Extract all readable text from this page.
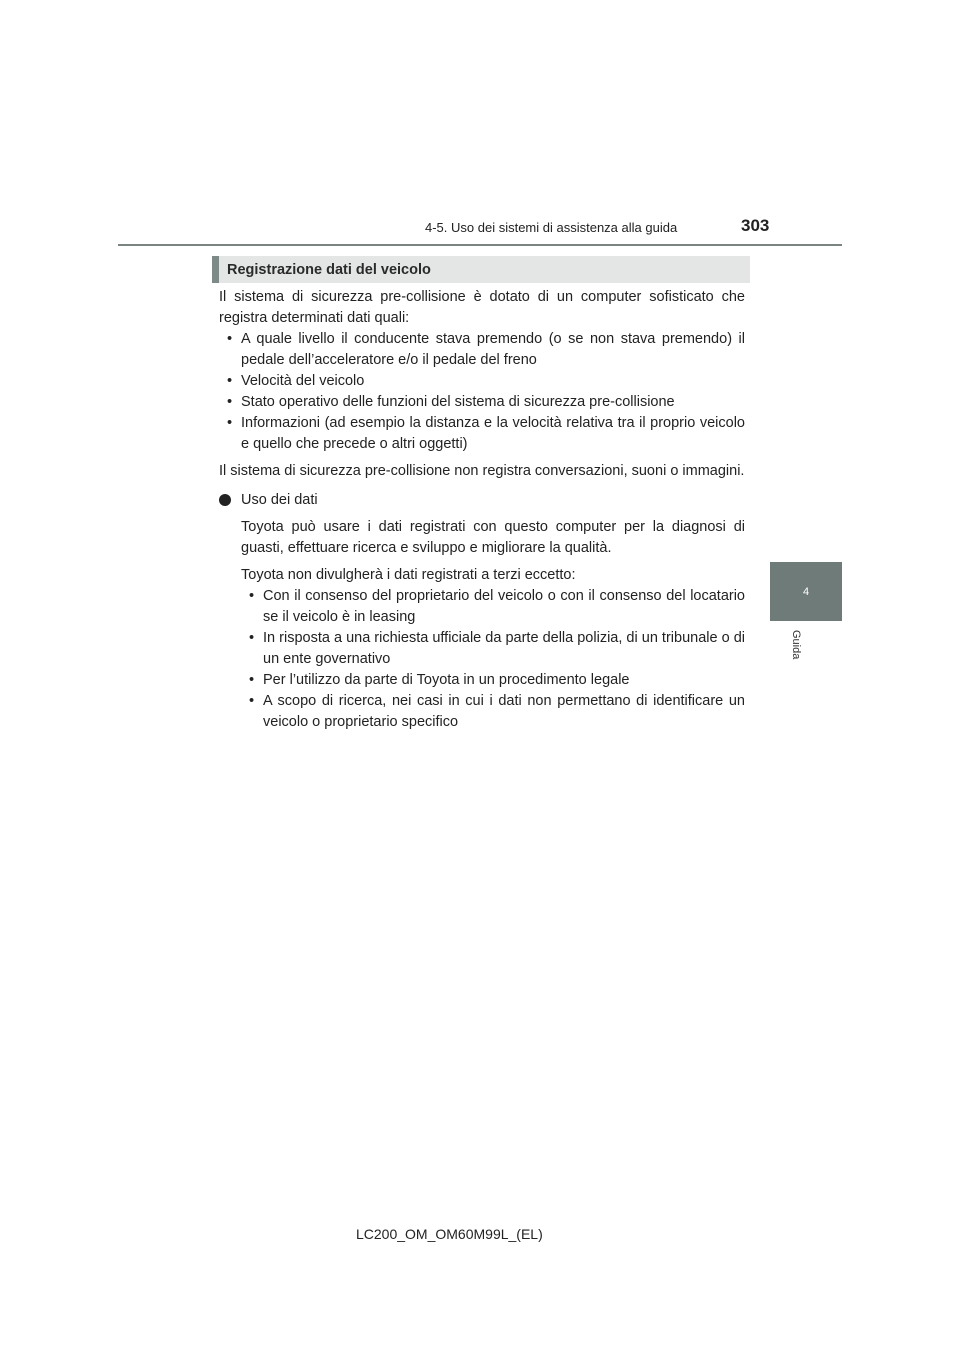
4-5. Uso dei sistemi di assistenza alla guida	303
4
Guida
Registrazione dati del veicolo

Il sistema di sicurezza pre-collisione è dotato di un computer sofisticato che registra determinati dati quali:

• A quale livello il conducente stava premendo (o se non stava premendo) il pedale dell’acceleratore e/o il pedale del freno
• Velocità del veicolo
• Stato operativo delle funzioni del sistema di sicurezza pre-collisione
• Informazioni (ad esempio la distanza e la velocità relativa tra il proprio veicolo e quello che precede o altri oggetti)

Il sistema di sicurezza pre-collisione non registra conversazioni, suoni o immagini.

Uso dei dati

Toyota può usare i dati registrati con questo computer per la diagnosi di guasti, effettuare ricerca e sviluppo e migliorare la qualità.

Toyota non divulgherà i dati registrati a terzi eccetto:

• Con il consenso del proprietario del veicolo o con il consenso del locatario se il veicolo è in leasing
• In risposta a una richiesta ufficiale da parte della polizia, di un tribunale o di un ente governativo
• Per l’utilizzo da parte di Toyota in un procedimento legale
• A scopo di ricerca, nei casi in cui i dati non permettano di identificare un veicolo o proprietario specifico
LC200_OM_OM60M99L_(EL)
